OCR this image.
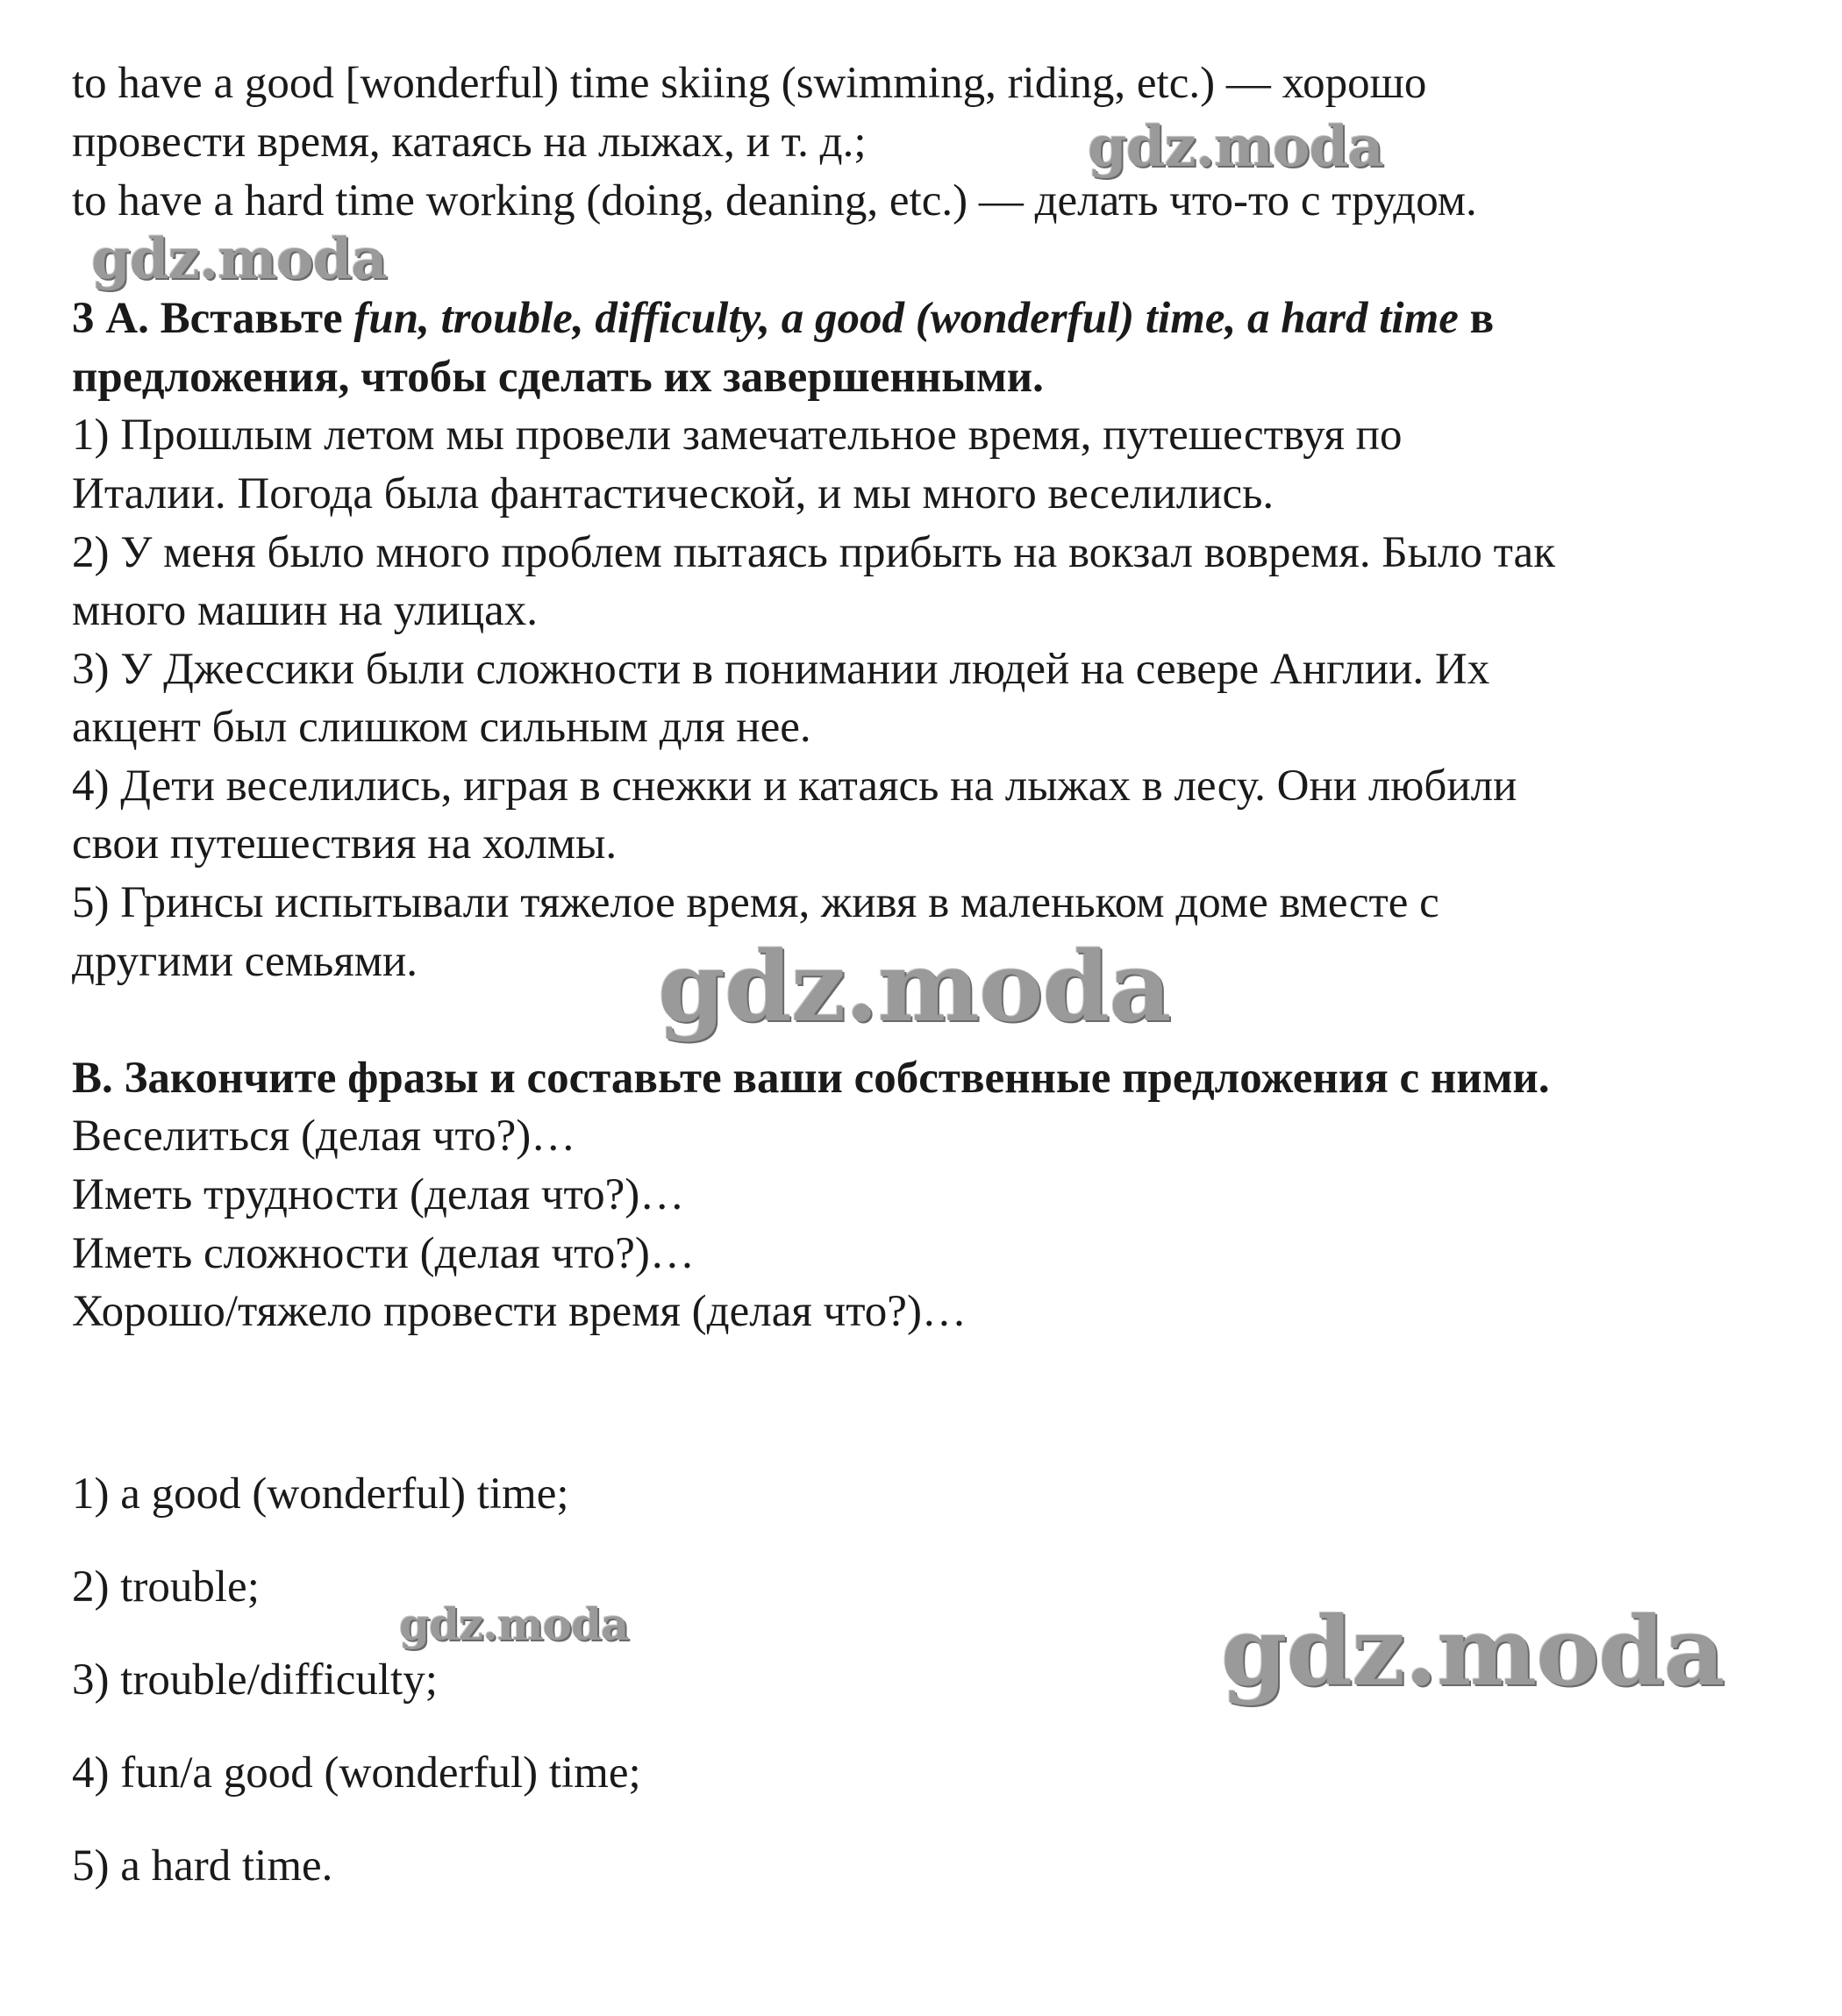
to have a good [wonderful) time skiing (swimming, riding, etc.) — хорошо
провести время, катаясь на лыжах, и т. д.;
to have a hard time working (doing, deaning, etc.) — делать что-то с трудом.
3 А. Вставьте fun, trouble, difficulty, a good (wonderful) time, a hard time в
предложения, чтобы сделать их завершенными.
1) Прошлым летом мы провели замечательное время, путешествуя по
Италии. Погода была фантастической, и мы много веселились.
2) У меня было много проблем пытаясь прибыть на вокзал вовремя. Было так
много машин на улицах.
3) У Джессики были сложности в понимании людей на севере Англии. Их
акцент был слишком сильным для нее.
4) Дети веселились, играя в снежки и катаясь на лыжах в лесу. Они любили
свои путешествия на холмы.
5) Гринсы испытывали тяжелое время, живя в маленьком доме вместе с
другими семьями.
В. Закончите фразы и составьте ваши собственные предложения с ними.
Веселиться (делая что?)…
Иметь трудности (делая что?)…
Иметь сложности (делая что?)…
Хорошо/тяжело провести время (делая что?)…
1) a good (wonderful) time;
2) trouble;
3) trouble/difficulty;
4) fun/a good (wonderful) time;
5) a hard time.
gdz.moda
gdz.moda
gdz.moda
gdz.moda	gdz.moda
